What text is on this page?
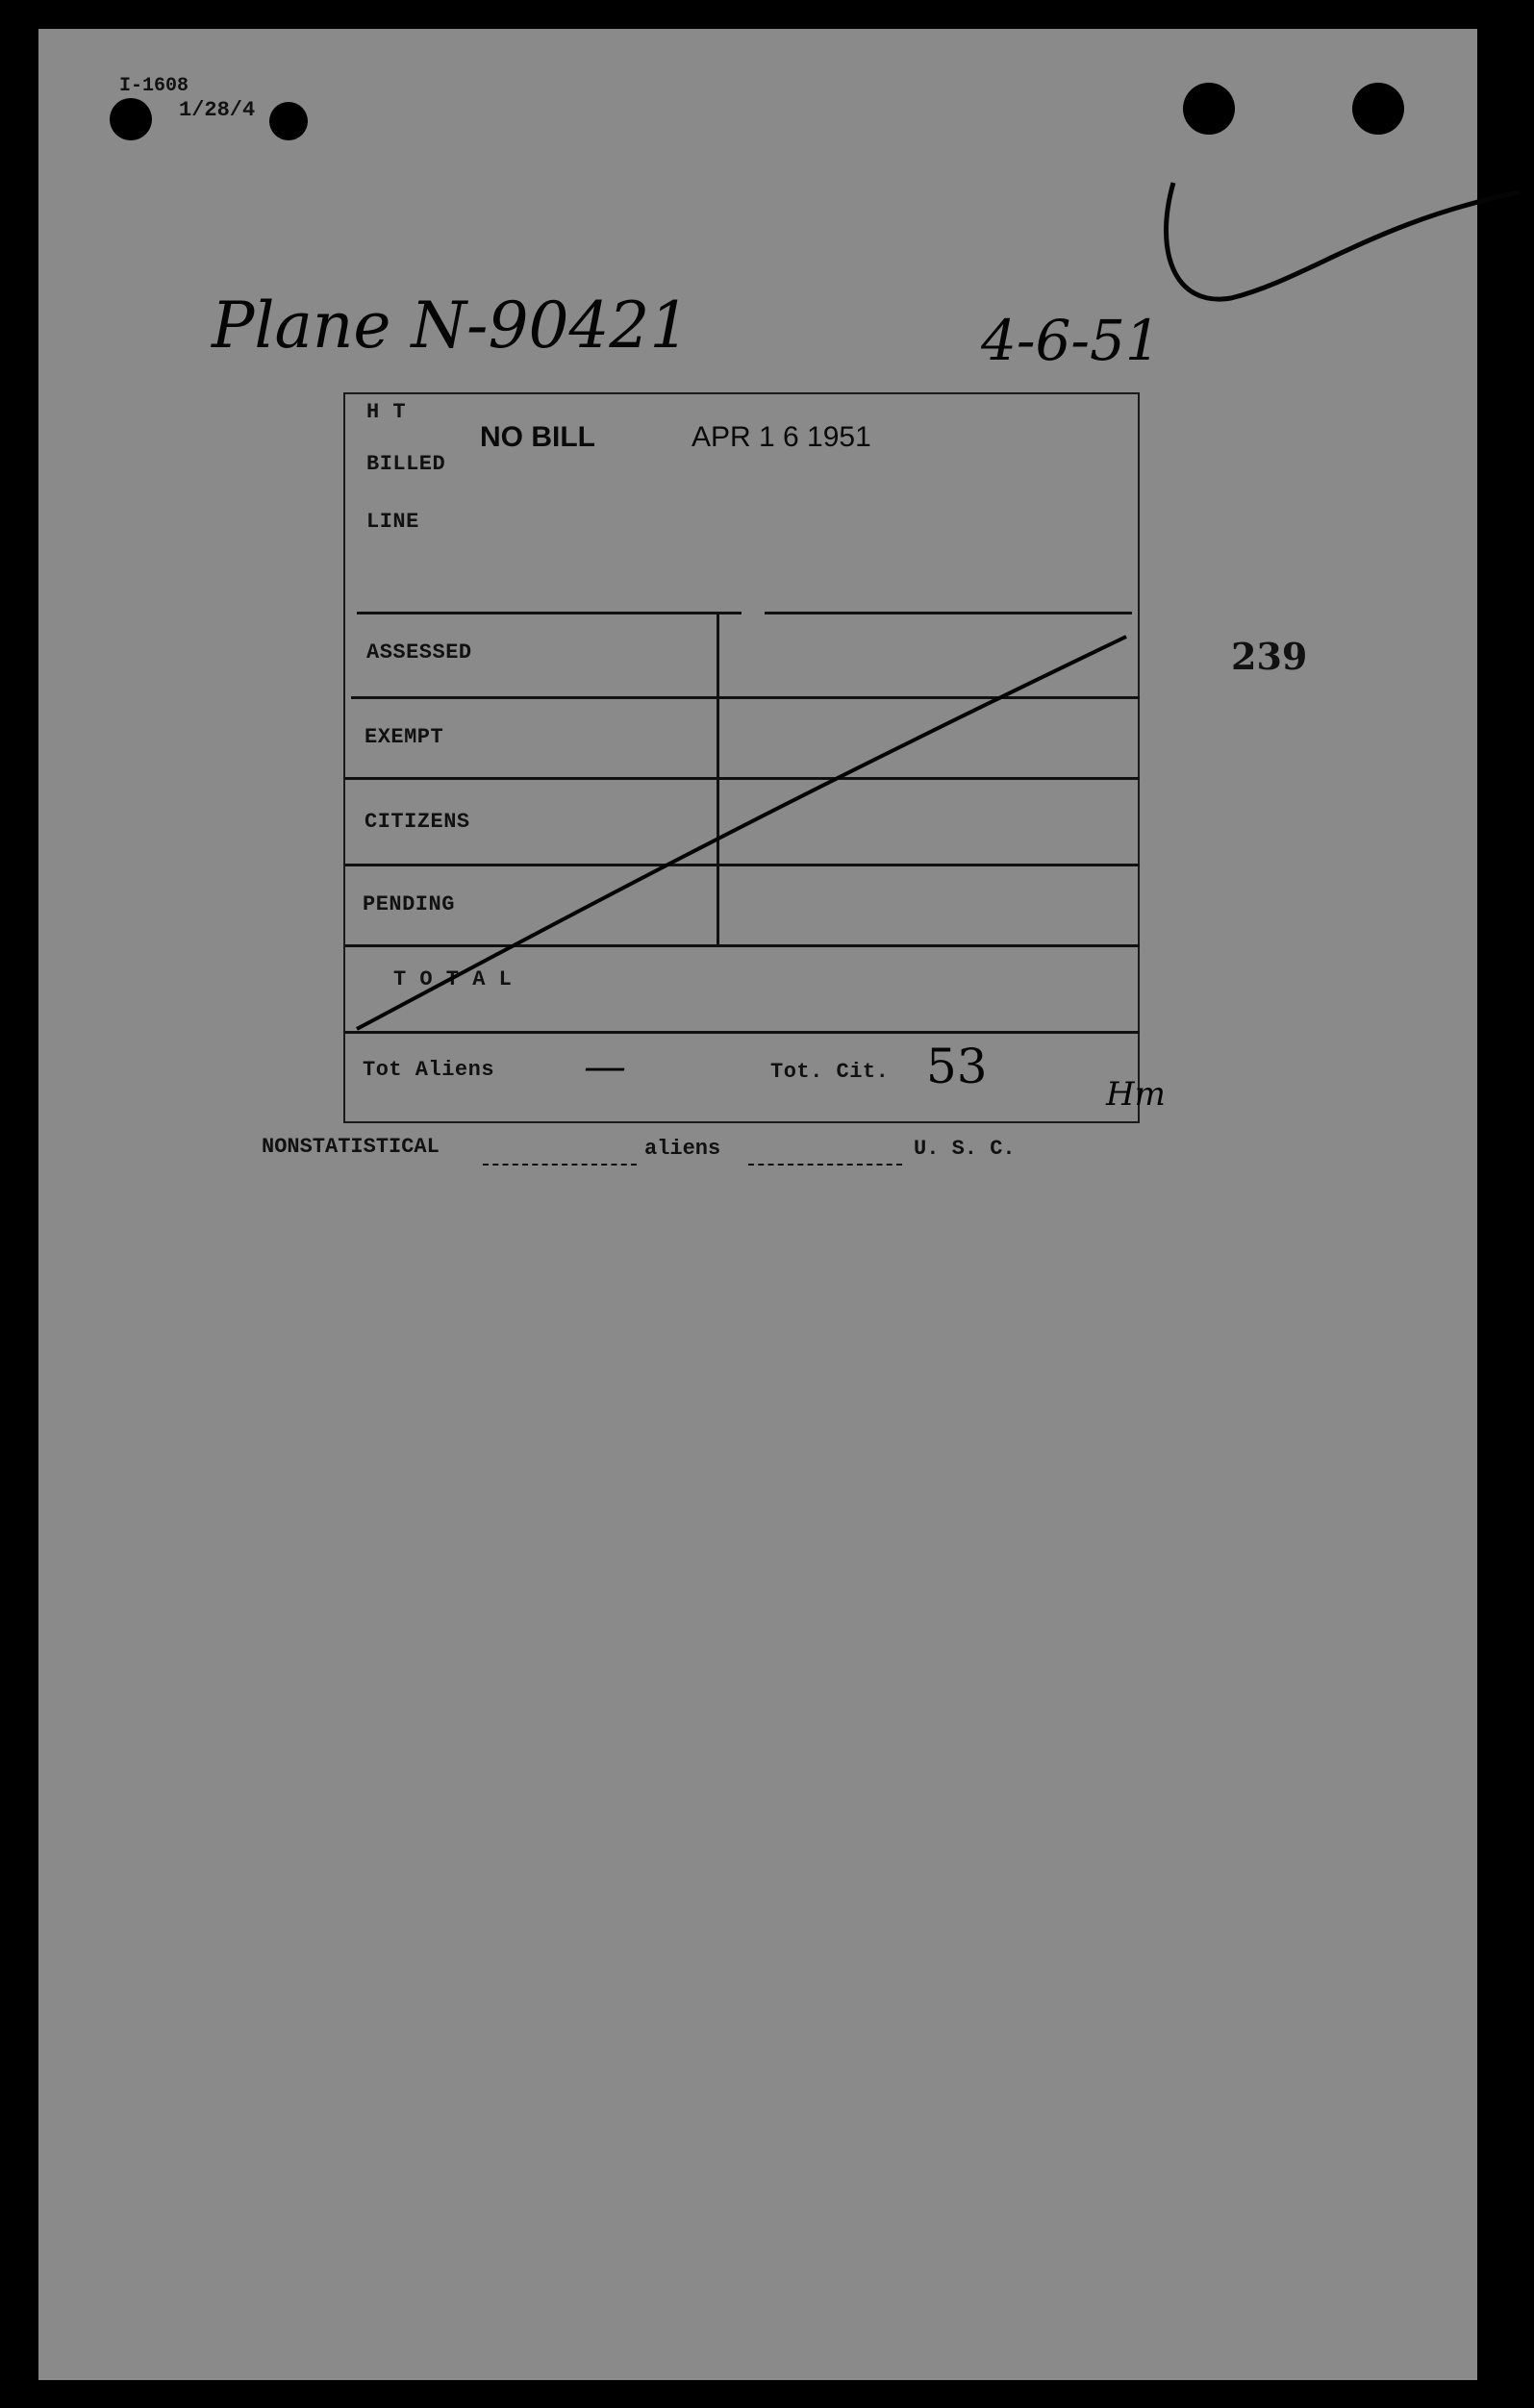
I-1608
1/28/4
Plane N-90421	4-6-51
239
H T
NO BILL	APR 1 6 1951
BILLED
LINE
ASSESSED
EXEMPT
CITIZENS
PENDING
T O T A L
Tot Aliens —	Tot. Cit. 53	Hm
NONSTATISTICAL	aliens	U. S. C.
